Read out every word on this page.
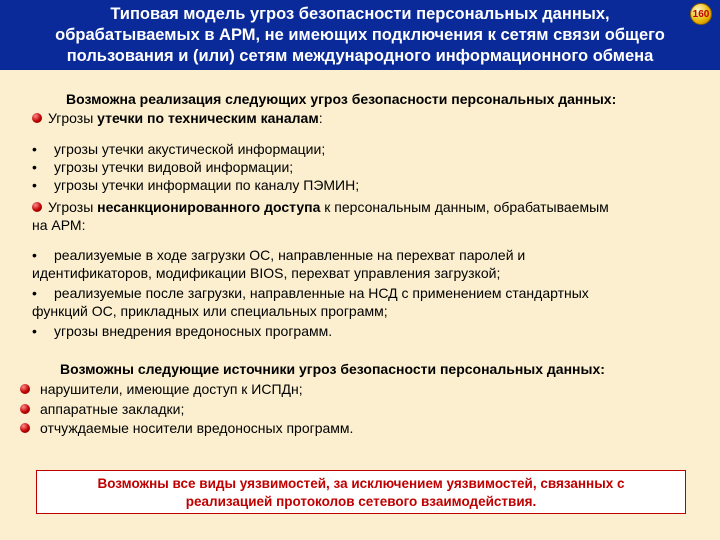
Типовая модель угроз безопасности персональных данных,
обрабатываемых в АРМ, не имеющих подключения к сетям связи общего
пользования и (или) сетям международного информационного обмена
160
Возможна реализация следующих угроз безопасности персональных данных:
Угрозы утечки по техническим каналам:
• угрозы утечки акустической информации;
• угрозы утечки видовой информации;
• угрозы утечки информации по каналу ПЭМИН;
Угрозы несанкционированного доступа к персональным данным, обрабатываемым
на АРМ:
• реализуемые в ходе загрузки ОС, направленные на перехват паролей и
идентификаторов, модификации BIOS, перехват управления загрузкой;
• реализуемые после загрузки, направленные на НСД с применением стандартных
функций ОС, прикладных или специальных программ;
• угрозы внедрения вредоносных программ.
Возможны следующие источники угроз безопасности персональных данных:
нарушители, имеющие доступ к ИСПДн;
аппаратные закладки;
отчуждаемые носители вредоносных программ.
Возможны все виды уязвимостей, за исключением уязвимостей, связанных с
реализацией протоколов сетевого взаимодействия.
